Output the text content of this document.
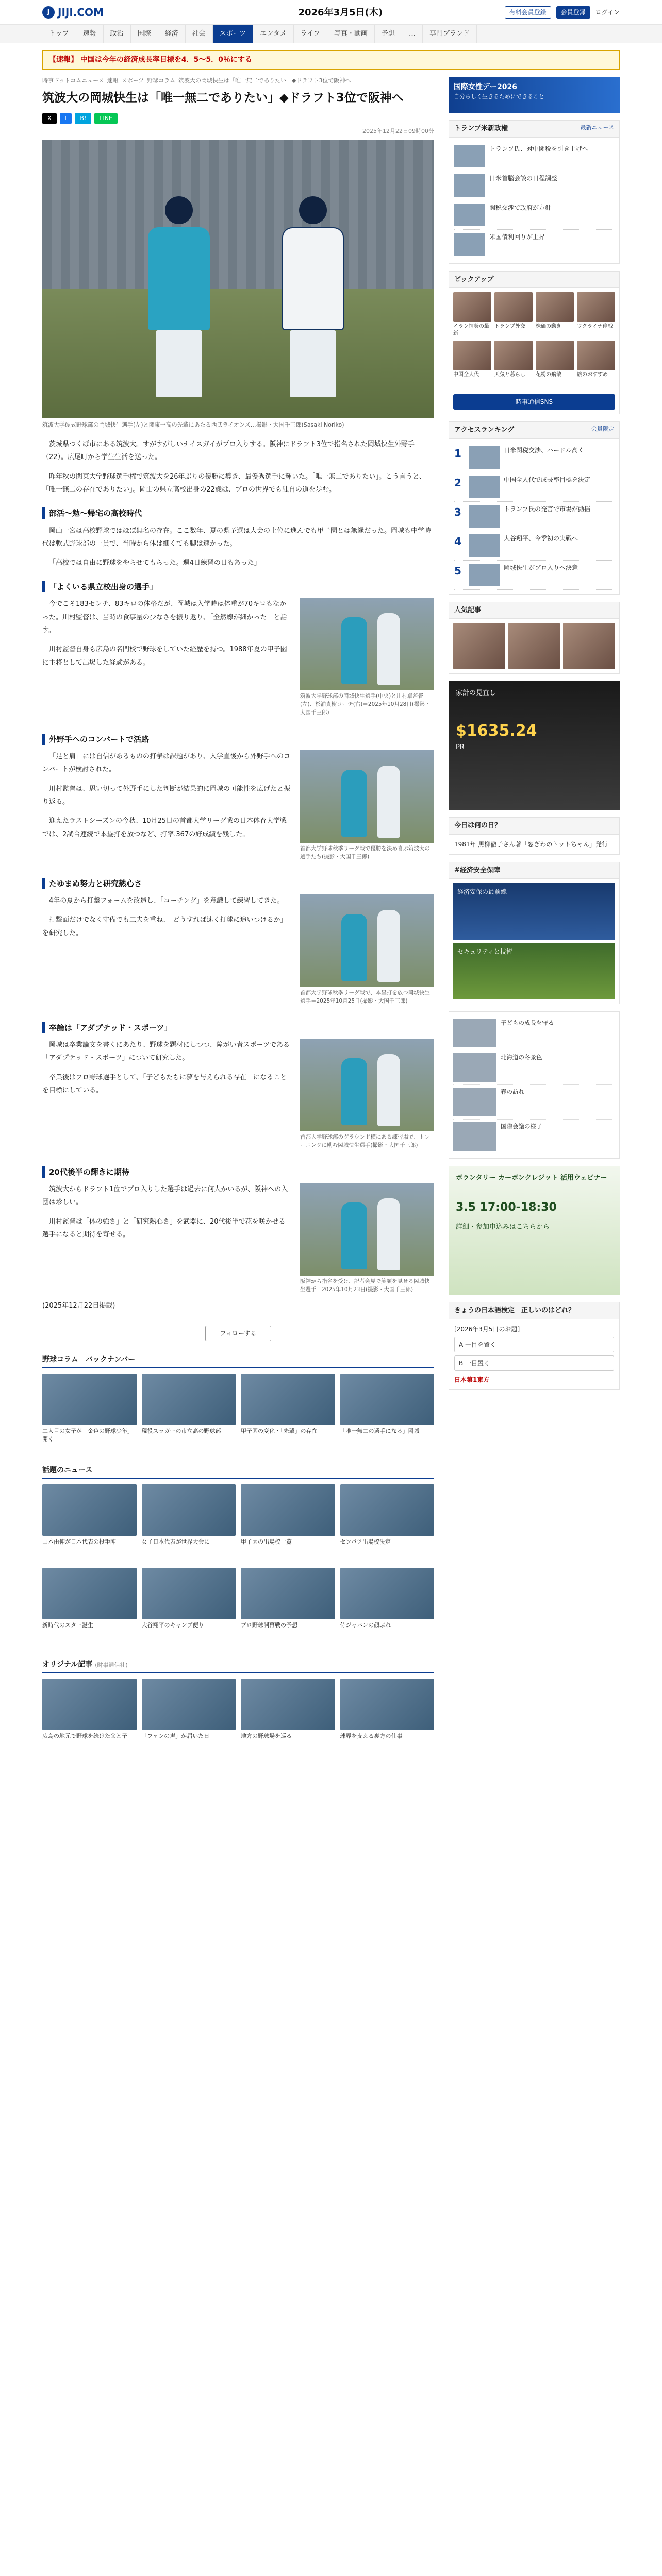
J JIJI.COM	2026年3月5日(木)	有料会員登録	会員登録	ログイン
トップ	速報	政治	国際	経済	社会	スポーツ	エンタメ	ライフ	写真・動画	予想	…	専門ブランド
【速報】 中国は今年の経済成長率目標を4．5〜5．0％にする
時事ドットコムニュース 速報 スポーツ 野球コラム 筑波大の岡城快生は「唯一無二でありたい」◆ドラフト3位で阪神へ
筑波大の岡城快生は「唯一無二でありたい」◆ドラフト3位で阪神へ
X	f	B!	LINE
2025年12月22日09時00分
筑波大学硬式野球部の岡城快生選手(左)と関東一高の先輩にあたる西武ライオンズ…撮影・大国千三郎(Sasaki Noriko)

茨城県つくば市にある筑波大。すがすがしいナイスガイがプロ入りする。阪神にドラフト3位で指名された岡城快生外野手（22）。広尾町から学生生活を送った。

昨年秋の関東大学野球選手権で筑波大を26年ぶりの優勝に導き、最優秀選手に輝いた。「唯一無二でありたい」。こう言うと、「唯一無二の存在でありたい」。岡山の県立高校出身の22歳は、プロの世界でも独自の道を歩む。

部活〜勉〜帰宅の高校時代

岡山一宮は高校野球ではほぼ無名の存在。ここ数年、夏の県予選は大会の上位に進んでも甲子園とは無縁だった。岡城も中学時代は軟式野球部の一員で、当時から体は細くても脚は速かった。

「高校では自由に野球をやらせてもらった。週4日練習の日もあった」

「よくいる県立校出身の選手」
筑波大学野球部の岡城快生選手(中央)と川村卓監督(左)、杉浦貴樹コーチ(右)＝2025年10月28日(撮影・大国千三郎)

今でこそ183センチ、83キロの体格だが、岡城は入学時は体重が70キロもなかった。川村監督は、当時の食事量の少なさを振り返り、「全然線が細かった」と話す。

川村監督自身も広島の名門校で野球をしていた経歴を持つ。1988年夏の甲子園に主将として出場した経験がある。

外野手へのコンバートで活路
首都大学野球秋季リーグ戦で優勝を決め喜ぶ筑波大の選手たち(撮影・大国千三郎)

「足と肩」には自信があるものの打撃は課題があり、入学直後から外野手へのコンバートが検討された。

川村監督は、思い切って外野手にした判断が結果的に岡城の可能性を広げたと振り返る。

迎えたラストシーズンの今秋、10月25日の首都大学リーグ戦の日本体育大学戦では、2試合連続で本塁打を放つなど、打率.367の好成績を残した。

たゆまぬ努力と研究熱心さ
首都大学野球秋季リーグ戦で、本塁打を放つ岡城快生選手＝2025年10月25日(撮影・大国千三郎)

4年の夏から打撃フォームを改造し、「コーチング」を意識して練習してきた。

打撃面だけでなく守備でも工夫を重ね、「どうすれば速く打球に追いつけるか」を研究した。

卒論は「アダプテッド・スポーツ」
首都大学野球部のグラウンド横にある練習場で、トレーニングに励む岡城快生選手(撮影・大国千三郎)

岡城は卒業論文を書くにあたり、野球を題材にしつつ、障がい者スポーツである「アダプテッド・スポーツ」について研究した。

卒業後はプロ野球選手として、「子どもたちに夢を与えられる存在」になることを目標にしている。

20代後半の輝きに期待
阪神から指名を受け、記者会見で笑顔を見せる岡城快生選手＝2025年10月23日(撮影・大国千三郎)

筑波大からドラフト1位でプロ入りした選手は過去に何人かいるが、阪神への入団は珍しい。

川村監督は「体の強さ」と「研究熱心さ」を武器に、20代後半で花を咲かせる選手になると期待を寄せる。

(2025年12月22日掲載)

フォローする
野球コラム　バックナンバー
二人目の女子が「金色の野球少年」開く
現役スラガーの市立高の野球部	甲子園の変化・「先輩」の存在	「唯一無二の選手になる」岡城
話題のニュース
山本由伸が日本代表の投手陣	女子日本代表が世界大会に	甲子園の出場校一覧	センバツ出場校決定
新時代のスター誕生	大谷翔平のキャンプ便り	プロ野球開幕戦の予想	侍ジャパンの顔ぶれ
オリジナル記事 (时事通信社)
広島の地元で野球を続けた父と子	「ファンの声」が届いた日	地方の野球場を巡る	球界を支える裏方の仕事
国際女性デー2026
自分らしく生きるためにできること
トランプ米新政権	最新ニュース
トランプ氏、対中関税を引き上げへ
日米首脳会談の日程調整
関税交渉で政府が方針
米国債利回りが上昇
ピックアップ
イラン情勢の最新
トランプ外交	株価の動き	ウクライナ停戦
中国全人代	天気と暮らし	花粉の飛散	旅のおすすめ
時事通信SNS
アクセスランキング	会員限定
1	日米関税交渉、ハードル高く
2	中国全人代で成長率目標を決定
3	トランプ氏の発言で市場が動揺
4	大谷翔平、今季初の実戦へ
5	岡城快生がプロ入りへ決意
人気記事
家計の見直し
$1635.24
PR
今日は何の日？
1981年 黒柳徹子さん著「窓ぎわのトットちゃん」発行
#経済安全保障
経済安保の最前線
セキュリティと技術
子どもの成長を守る
北海道の冬景色
春の訪れ
国際会議の様子
ボランタリー カーボンクレジット 活用ウェビナー
3.5 17:00-18:30
詳細・参加申込みはこちらから
きょうの日本語検定　正しいのはどれ？
[2026年3月5日のお題]
A 一目を置く
B 一目置く
日本第1東方
